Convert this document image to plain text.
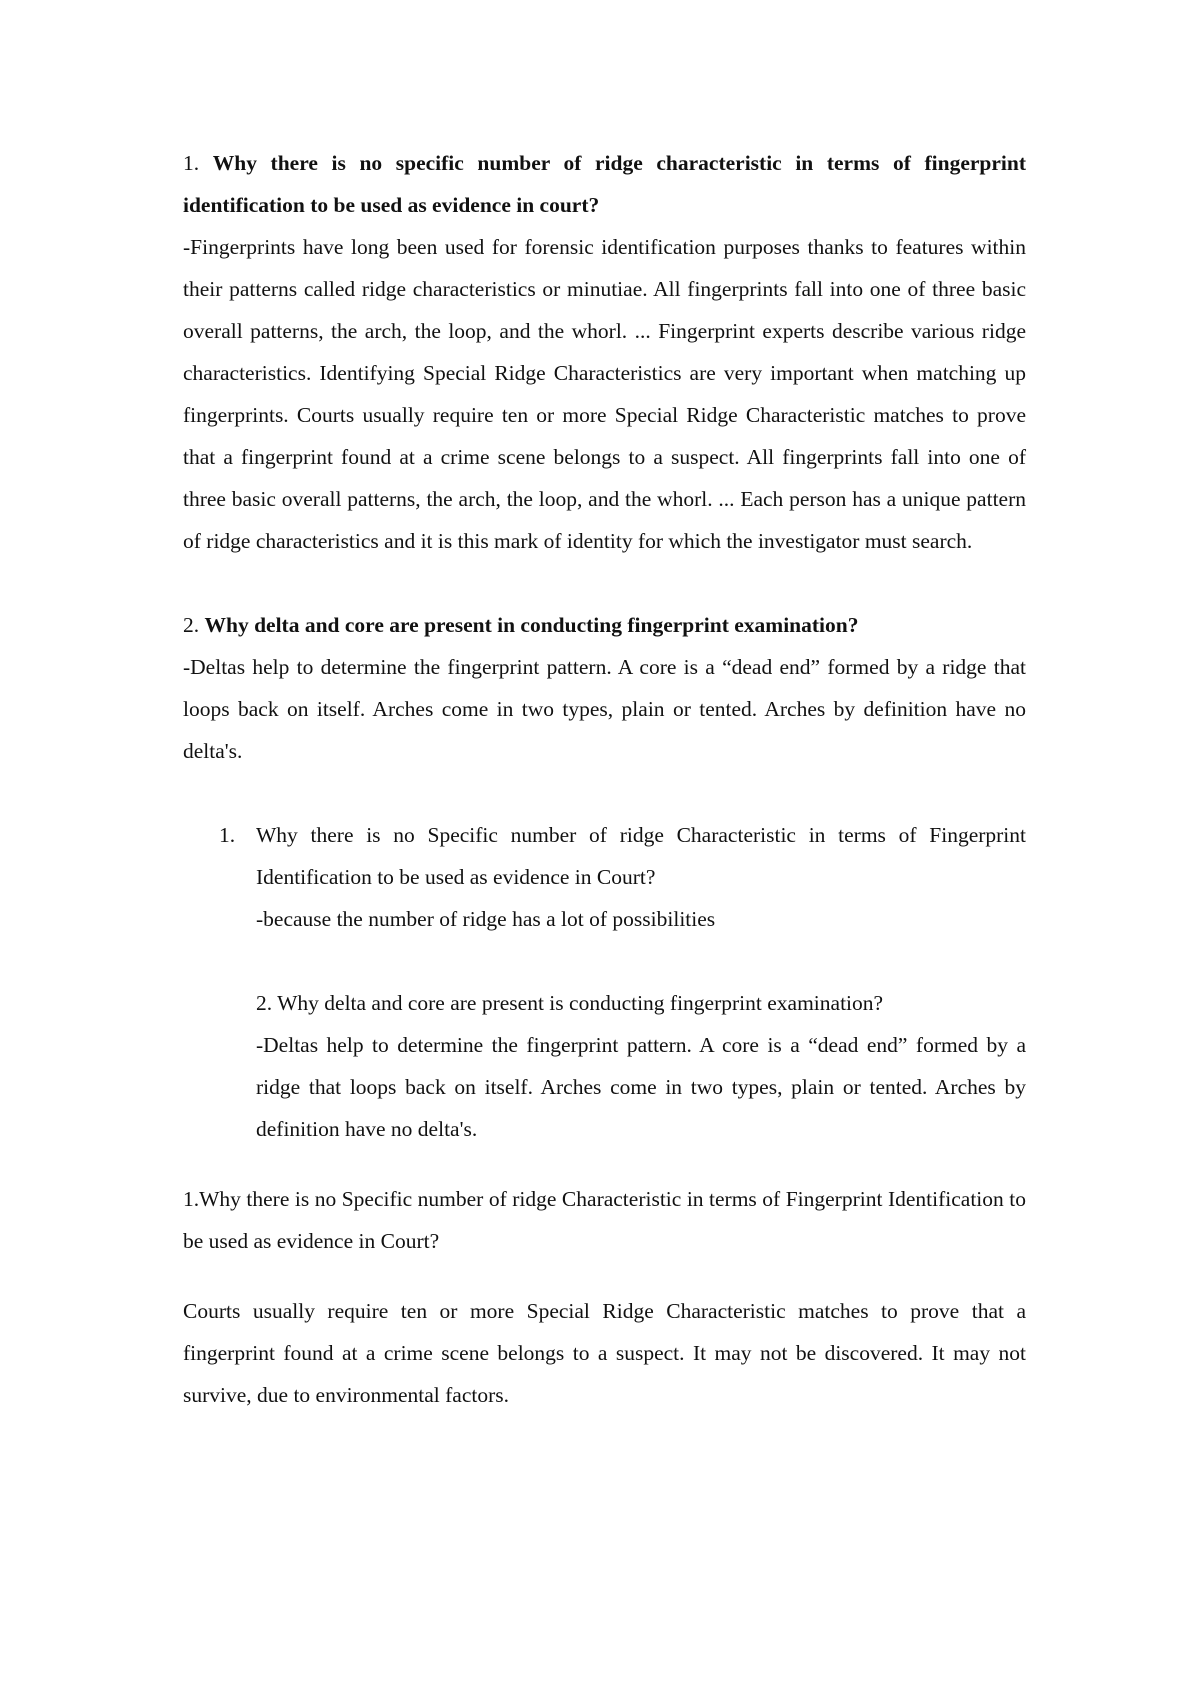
1. Why there is no specific number of ridge characteristic in terms of fingerprint identification to be used as evidence in court?

-Fingerprints have long been used for forensic identification purposes thanks to features within their patterns called ridge characteristics or minutiae. All fingerprints fall into one of three basic overall patterns, the arch, the loop, and the whorl. ... Fingerprint experts describe various ridge characteristics. Identifying Special Ridge Characteristics are very important when matching up fingerprints. Courts usually require ten or more Special Ridge Characteristic matches to prove that a fingerprint found at a crime scene belongs to a suspect. All fingerprints fall into one of three basic overall patterns, the arch, the loop, and the whorl. ... Each person has a unique pattern of ridge characteristics and it is this mark of identity for which the investigator must search.

2. Why delta and core are present in conducting fingerprint examination?

-Deltas help to determine the fingerprint pattern. A core is a “dead end” formed by a ridge that loops back on itself. Arches come in two types, plain or tented. Arches by definition have no delta's.

1. Why there is no Specific number of ridge Characteristic in terms of Fingerprint Identification to be used as evidence in Court?

-because the number of ridge has a lot of possibilities

2. Why delta and core are present is conducting fingerprint examination?

-Deltas help to determine the fingerprint pattern. A core is a “dead end” formed by a ridge that loops back on itself. Arches come in two types, plain or tented. Arches by definition have no delta's.

1.Why there is no Specific number of ridge Characteristic in terms of Fingerprint Identification to be used as evidence in Court?

Courts usually require ten or more Special Ridge Characteristic matches to prove that a fingerprint found at a crime scene belongs to a suspect. It may not be discovered. It may not survive, due to environmental factors.
